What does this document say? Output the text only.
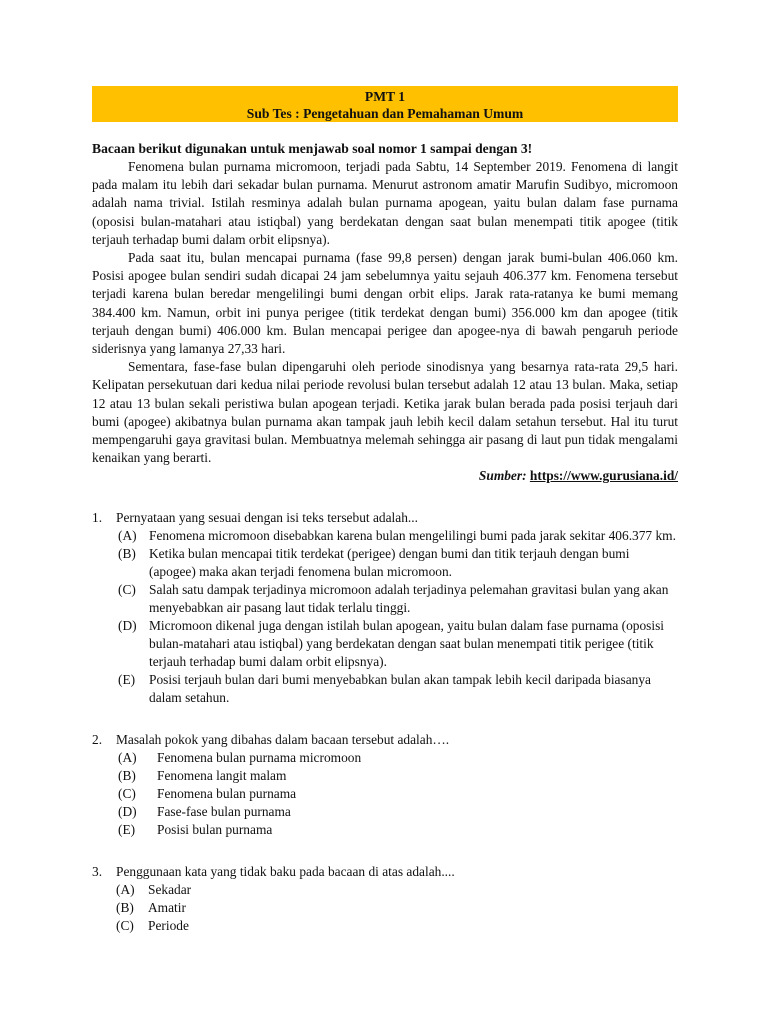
PMT 1
Sub Tes : Pengetahuan dan Pemahaman Umum
Bacaan berikut digunakan untuk menjawab soal nomor 1 sampai dengan 3!

Fenomena bulan purnama micromoon, terjadi pada Sabtu, 14 September 2019. Fenomena di langit pada malam itu lebih dari sekadar bulan purnama. Menurut astronom amatir Marufin Sudibyo, micromoon adalah nama trivial. Istilah resminya adalah bulan purnama apogean, yaitu bulan dalam fase purnama (oposisi bulan-matahari atau istiqbal) yang berdekatan dengan saat bulan menempati titik apogee (titik terjauh terhadap bumi dalam orbit elipsnya).

Pada saat itu, bulan mencapai purnama (fase 99,8 persen) dengan jarak bumi-bulan 406.060 km. Posisi apogee bulan sendiri sudah dicapai 24 jam sebelumnya yaitu sejauh 406.377 km. Fenomena tersebut terjadi karena bulan beredar mengelilingi bumi dengan orbit elips. Jarak rata-ratanya ke bumi memang 384.400 km. Namun, orbit ini punya perigee (titik terdekat dengan bumi) 356.000 km dan apogee (titik terjauh dengan bumi) 406.000 km. Bulan mencapai perigee dan apogee-nya di bawah pengaruh periode siderisnya yang lamanya 27,33 hari.

Sementara, fase-fase bulan dipengaruhi oleh periode sinodisnya yang besarnya rata-rata 29,5 hari. Kelipatan persekutuan dari kedua nilai periode revolusi bulan tersebut adalah 12 atau 13 bulan. Maka, setiap 12 atau 13 bulan sekali peristiwa bulan apogean terjadi. Ketika jarak bulan berada pada posisi terjauh dari bumi (apogee) akibatnya bulan purnama akan tampak jauh lebih kecil dalam setahun tersebut. Hal itu turut mempengaruhi gaya gravitasi bulan. Membuatnya melemah sehingga air pasang di laut pun tidak mengalami kenaikan yang berarti.

Sumber: https://www.gurusiana.id/
1. Pernyataan yang sesuai dengan isi teks tersebut adalah...
(A) Fenomena micromoon disebabkan karena bulan mengelilingi bumi pada jarak sekitar 406.377 km.
(B) Ketika bulan mencapai titik terdekat (perigee) dengan bumi dan titik terjauh dengan bumi (apogee) maka akan terjadi fenomena bulan micromoon.
(C) Salah satu dampak terjadinya micromoon adalah terjadinya pelemahan gravitasi bulan yang akan menyebabkan air pasang laut tidak terlalu tinggi.
(D) Micromoon dikenal juga dengan istilah bulan apogean, yaitu bulan dalam fase purnama (oposisi bulan-matahari atau istiqbal) yang berdekatan dengan saat bulan menempati titik perigee (titik terjauh terhadap bumi dalam orbit elipsnya).
(E)	Posisi terjauh bulan dari bumi menyebabkan bulan akan tampak lebih kecil daripada biasanya dalam setahun.
2. Masalah pokok yang dibahas dalam bacaan tersebut adalah….
(A)	Fenomena bulan purnama micromoon
(B)	Fenomena langit malam
(C)	Fenomena bulan purnama
(D)	Fase-fase bulan purnama
(E)	Posisi bulan purnama
3. Penggunaan kata yang tidak baku pada bacaan di atas adalah....
(A)	Sekadar
(B)	Amatir
(C)	Periode
